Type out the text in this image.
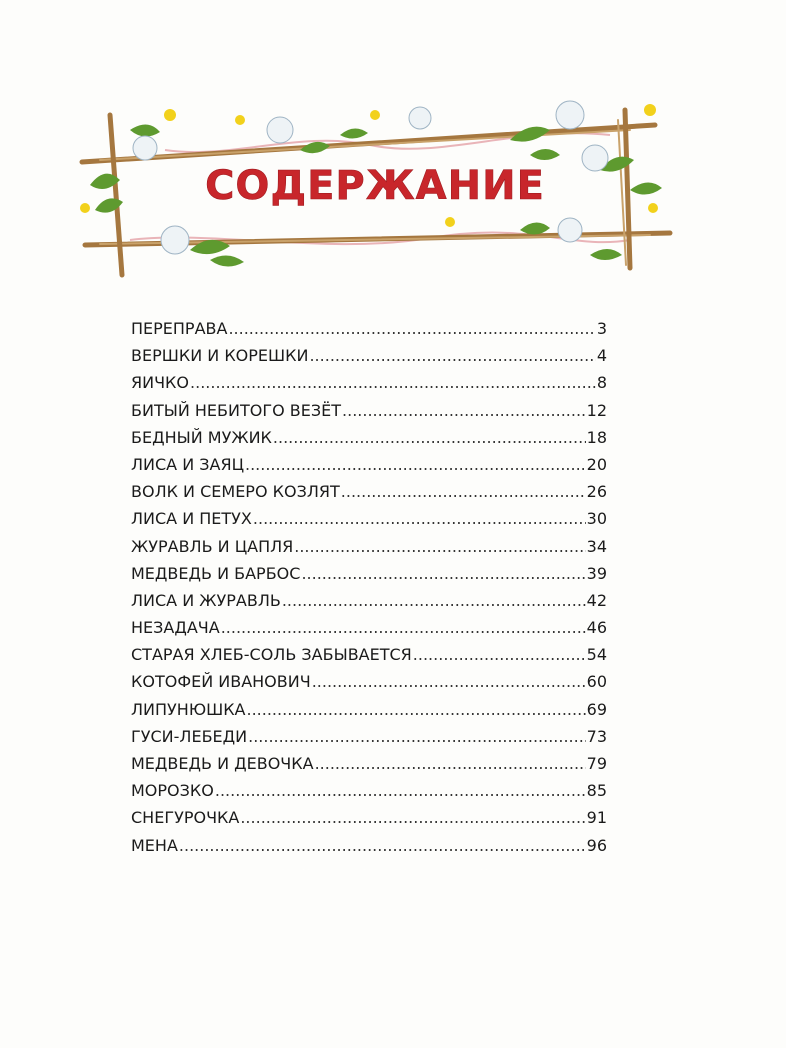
СОДЕРЖАНИЕ
ПЕРЕПРАВА .....	3
ВЕРШКИ И КОРЕШКИ .....	4
ЯИЧКО .....	8
БИТЫЙ НЕБИТОГО ВЕЗЁТ .....	12
БЕДНЫЙ МУЖИК .....	18
ЛИСА И ЗАЯЦ .....	20
ВОЛК И СЕМЕРО КОЗЛЯТ .....	26
ЛИСА И ПЕТУХ .....	30
ЖУРАВЛЬ И ЦАПЛЯ .....	34
МЕДВЕДЬ И БАРБОС .....	39
ЛИСА И ЖУРАВЛЬ .....	42
НЕЗАДАЧА .....	46
СТАРАЯ ХЛЕБ-СОЛЬ ЗАБЫВАЕТСЯ .....	54
КОТОФЕЙ ИВАНОВИЧ .....	60
ЛИПУНЮШКА .....	69
ГУСИ-ЛЕБЕДИ .....	73
МЕДВЕДЬ И ДЕВОЧКА .....	79
МОРОЗКО .....	85
СНЕГУРОЧКА .....	91
МЕНА .....	96
